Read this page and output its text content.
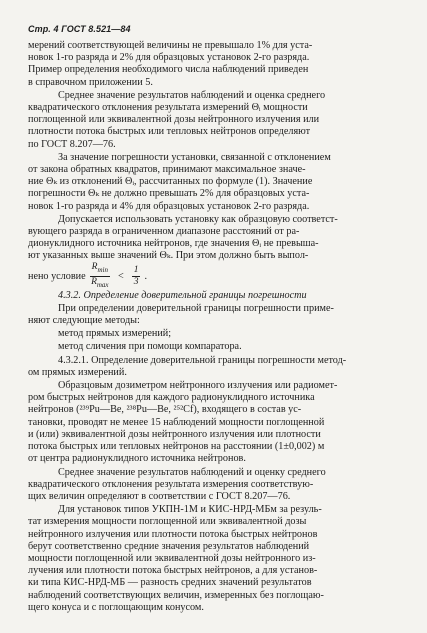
Стр. 4 ГОСТ 8.521—84
мерений соответствующей величины не превышало 1% для уста-
новок 1-го разряда и 2% для образцовых установок 2-го разряда.
Пример определения необходимого числа наблюдений приведен
в справочном приложении 5.
Среднее значение результатов наблюдений и оценка среднего
квадратического отклонения результата измерений Θᵢ мощности
поглощенной или эквивалентной дозы нейтронного излучения или
плотности потока быстрых или тепловых нейтронов определяют
по ГОСТ 8.207—76.
За значение погрешности установки, связанной с отклонением
от закона обратных квадратов, принимают максимальное значе-
ние Θₖ из отклонений Θᵢ, рассчитанных по формуле (1). Значение
погрешности Θₖ не должно превышать 2% для образцовых уста-
новок 1-го разряда и 4% для образцовых установок 2-го разряда.
Допускается использовать установку как образцовую соответст-
вующего разряда в ограниченном диапазоне расстояний от ра-
дионуклидного источника нейтронов, где значения Θᵢ не превыша-
ют указанных выше значений Θₖ. При этом должно быть выпол-
нено условие $\frac{R_{min}}{R_{max}} < \frac{1}{3}$ .
4.3.2. Определение доверительной границы погрешности
При определении доверительной границы погрешности приме-
няют следующие методы:
метод прямых измерений;
метод сличения при помощи компаратора.
4.3.2.1. Определение доверительной границы погрешности метод-
ом прямых измерений.
Образцовым дозиметром нейтронного излучения или радиомет-
ром быстрых нейтронов для каждого радионуклидного источника
нейтронов (²³⁹Pu—Be, ²³⁸Pu—Be, ²⁵²Cf), входящего в состав ус-
тановки, проводят не менее 15 наблюдений мощности поглощенной
и (или) эквивалентной дозы нейтронного излучения или плотности
потока быстрых или тепловых нейтронов на расстоянии (1±0,002) м
от центра радионуклидного источника нейтронов.
Среднее значение результатов наблюдений и оценку среднего
квадратического отклонения результата измерения соответствую-
щих величин определяют в соответствии с ГОСТ 8.207—76.
Для установок типов УКПН-1М и КИС-НРД-МБм за резуль-
тат измерения мощности поглощенной или эквивалентной дозы
нейтронного излучения или плотности потока быстрых нейтронов
берут соответственно средние значения результатов наблюдений
мощности поглощенной или эквивалентной дозы нейтронного из-
лучения или плотности потока быстрых нейтронов, а для установ-
ки типа КИС-НРД-МБ — разность средних значений результатов
наблюдений соответствующих величин, измеренных без поглощаю-
щего конуса и с поглощающим конусом.
